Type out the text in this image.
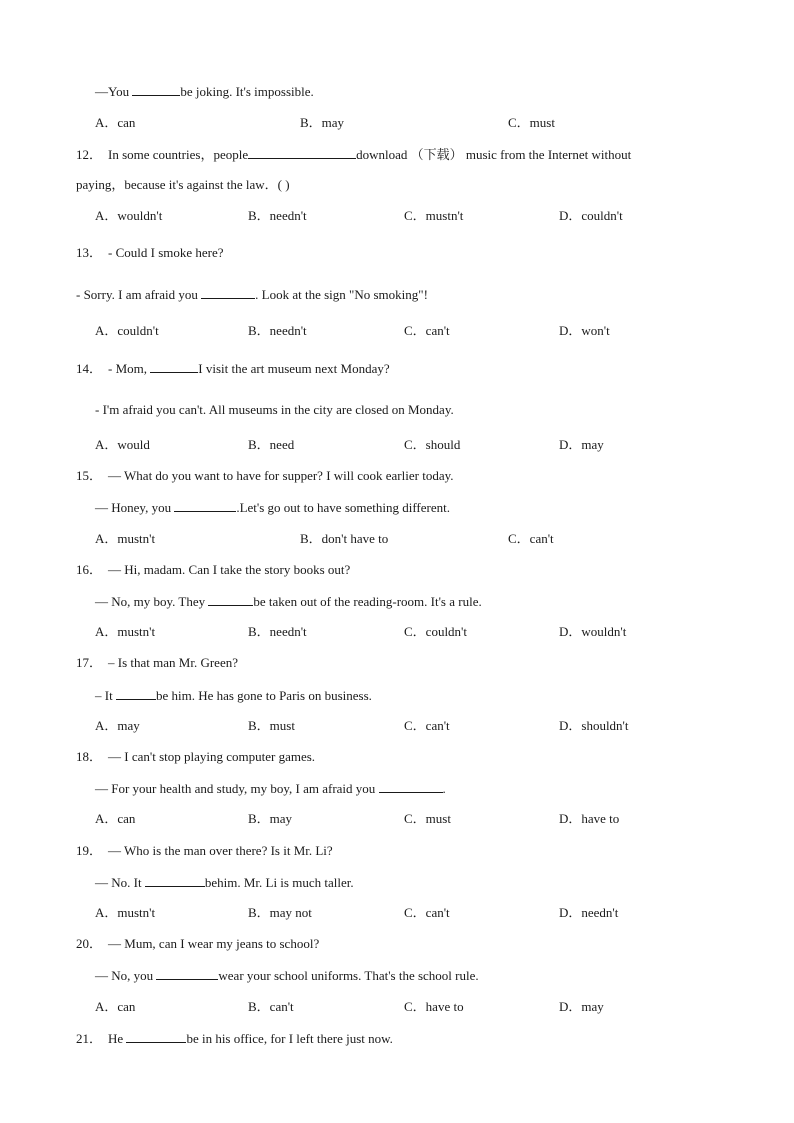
—You	be joking. It's impossible.
A．can	B．may	C．must
12． In some countries，people	download （下载） music from the Internet without
paying，because it's against the law．( )
A．wouldn't	B．needn't	C．mustn't	D．couldn't
13． - Could I smoke here?
- Sorry. I am afraid you	. Look at the sign "No smoking"!
A．couldn't	B．needn't	C．can't	D．won't
14． - Mom,	I visit the art museum next Monday?
- I'm afraid you can't. All museums in the city are closed on Monday.
A．would	B．need	C．should	D．may
15． — What do you want to have for supper? I will cook earlier today.
— Honey, you	.Let's go out to have something different.
A．mustn't	B．don't have to	C．can't
16． — Hi, madam. Can I take the story books out?
— No, my boy. They	be taken out of the reading-room. It's a rule.
A．mustn't	B．needn't	C．couldn't	D．wouldn't
17． – Is that man Mr. Green?
– It	be him. He has gone to Paris on business.
A．may	B．must	C．can't	D．shouldn't
18． — I can't stop playing computer games.
— For your health and study, my boy, I am afraid you	.
A．can	B．may	C．must	D．have to
19． — Who is the man over there? Is it Mr. Li?
— No. It	behim. Mr. Li is much taller.
A．mustn't	B．may not	C．can't	D．needn't
20． — Mum, can I wear my jeans to school?
— No, you	wear your school uniforms. That's the school rule.
A．can	B．can't	C．have to	D．may
21． He	be in his office, for I left there just now.
